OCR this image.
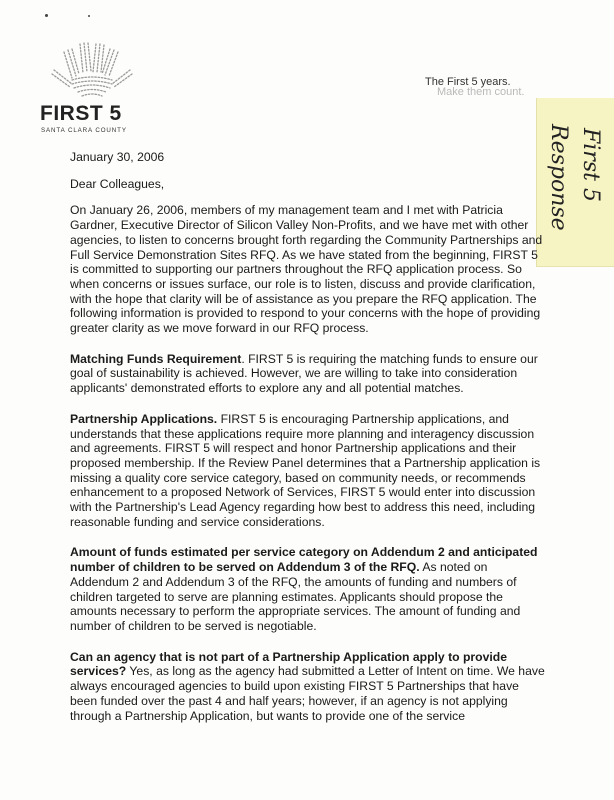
FIRST 5
SANTA CLARA COUNTY
The First 5 years.
Make them count.
First 5
Response

January 30, 2006

Dear Colleagues,

On January 26, 2006, members of my management team and I met with Patricia Gardner, Executive Director of Silicon Valley Non-Profits, and we have met with other agencies, to listen to concerns brought forth regarding the Community Partnerships and Full Service Demonstration Sites RFQ. As we have stated from the beginning, FIRST 5 is committed to supporting our partners throughout the RFQ application process. So when concerns or issues surface, our role is to listen, discuss and provide clarification, with the hope that clarity will be of assistance as you prepare the RFQ application. The following information is provided to respond to your concerns with the hope of providing greater clarity as we move forward in our RFQ process.

Matching Funds Requirement. FIRST 5 is requiring the matching funds to ensure our goal of sustainability is achieved. However, we are willing to take into consideration applicants' demonstrated efforts to explore any and all potential matches.

Partnership Applications. FIRST 5 is encouraging Partnership applications, and understands that these applications require more planning and interagency discussion and agreements. FIRST 5 will respect and honor Partnership applications and their proposed membership. If the Review Panel determines that a Partnership application is missing a quality core service category, based on community needs, or recommends enhancement to a proposed Network of Services, FIRST 5 would enter into discussion with the Partnership's Lead Agency regarding how best to address this need, including reasonable funding and service considerations.

Amount of funds estimated per service category on Addendum 2 and anticipated number of children to be served on Addendum 3 of the RFQ. As noted on Addendum 2 and Addendum 3 of the RFQ, the amounts of funding and numbers of children targeted to serve are planning estimates. Applicants should propose the amounts necessary to perform the appropriate services. The amount of funding and number of children to be served is negotiable.

Can an agency that is not part of a Partnership Application apply to provide services? Yes, as long as the agency had submitted a Letter of Intent on time. We have always encouraged agencies to build upon existing FIRST 5 Partnerships that have been funded over the past 4 and half years; however, if an agency is not applying through a Partnership Application, but wants to provide one of the service
